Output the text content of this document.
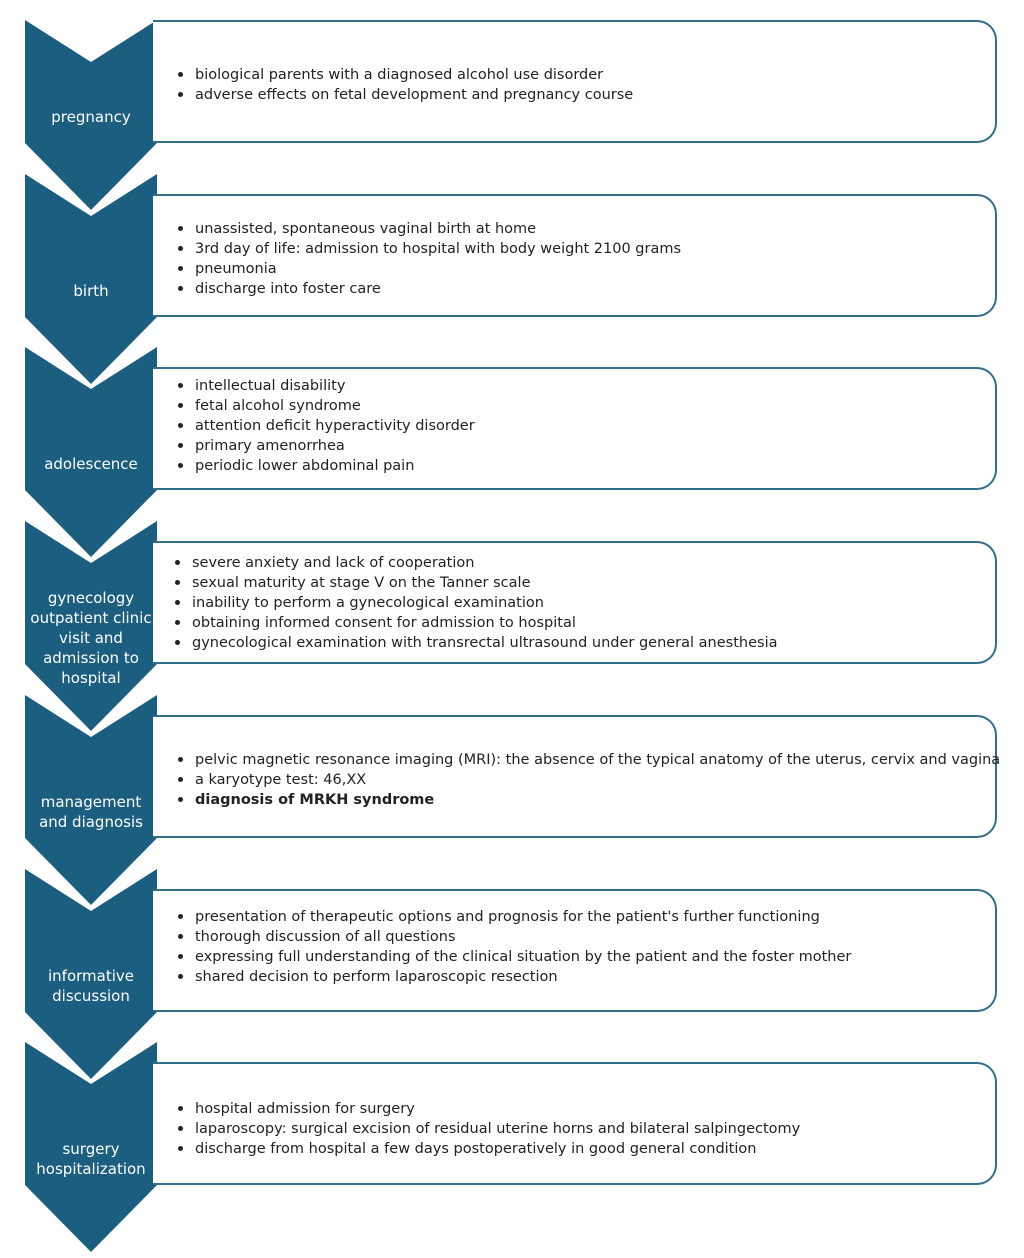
pregnancy
biological parents with a diagnosed alcohol use disorder
adverse effects on fetal development and pregnancy course
birth
unassisted, spontaneous vaginal birth at home
3rd day of life: admission to hospital with body weight 2100 grams
pneumonia
discharge into foster care
adolescence
intellectual disability
fetal alcohol syndrome
attention deficit hyperactivity disorder
primary amenorrhea
periodic lower abdominal pain
gynecology outpatient clinic visit and admission to hospital
severe anxiety and lack of cooperation
sexual maturity at stage V on the Tanner scale
inability to perform a gynecological examination
obtaining informed consent for admission to hospital
gynecological examination with transrectal ultrasound under general anesthesia
management and diagnosis
pelvic magnetic resonance imaging (MRI): the absence of the typical anatomy of the uterus, cervix and vagina
a karyotype test: 46,XX
diagnosis of MRKH syndrome
informative discussion
presentation of therapeutic options and prognosis for the patient's further functioning
thorough discussion of all questions
expressing full understanding of the clinical situation by the patient and the foster mother
shared decision to perform laparoscopic resection
surgery hospitalization
hospital admission for surgery
laparoscopy: surgical excision of residual uterine horns and bilateral salpingectomy
discharge from hospital a few days postoperatively in good general condition
